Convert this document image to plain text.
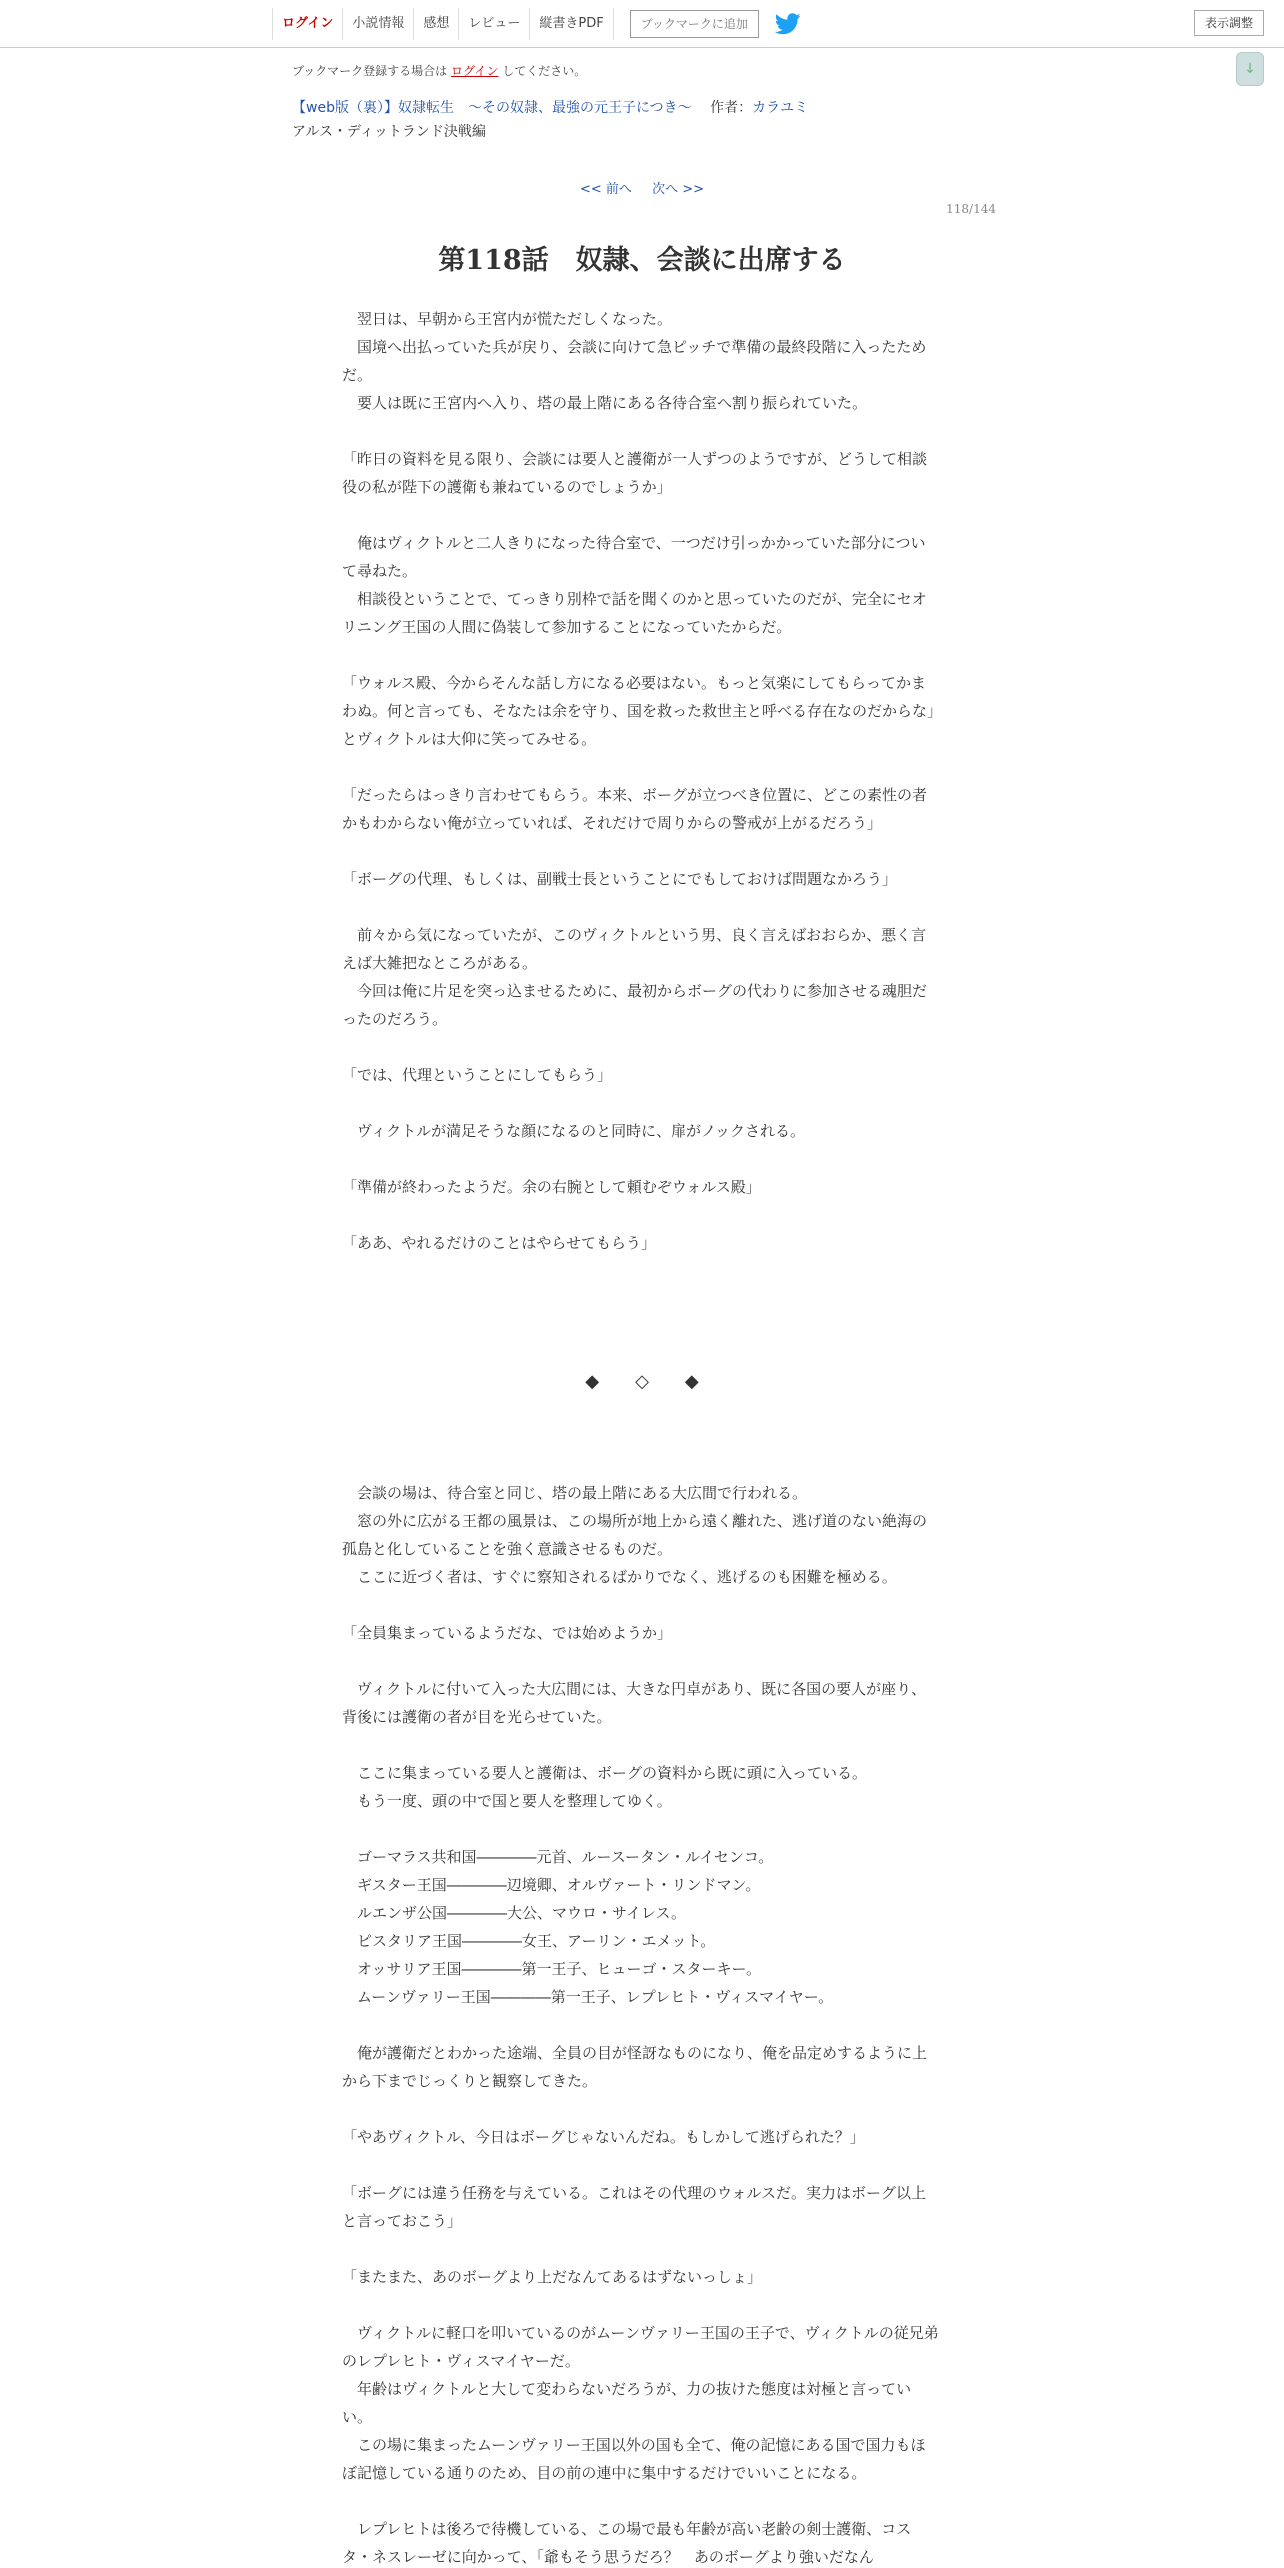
ログイン	小説情報	感想	レビュー	縦書きPDF	ブックマークに追加	表示調整
↓
ブックマーク登録する場合は ログイン してください。
【web版（裏）】奴隷転生　～その奴隷、最強の元王子につき～ 作者：カラユミ
アルス・ディットランド決戦編
<< 前へ 次へ >>
118/144
第118話　奴隷、会談に出席する

　翌日は、早朝から王宮内が慌ただしくなった。

　国境へ出払っていた兵が戻り、会談に向けて急ピッチで準備の最終段階に入ったためだ。

　要人は既に王宮内へ入り、塔の最上階にある各待合室へ割り振られていた。

「昨日の資料を見る限り、会談には要人と護衛が一人ずつのようですが、どうして相談役の私が陛下の護衛も兼ねているのでしょうか」

　俺はヴィクトルと二人きりになった待合室で、一つだけ引っかかっていた部分について尋ねた。

　相談役ということで、てっきり別枠で話を聞くのかと思っていたのだが、完全にセオリニング王国の人間に偽装して参加することになっていたからだ。

「ウォルス殿、今からそんな話し方になる必要はない。もっと気楽にしてもらってかまわぬ。何と言っても、そなたは余を守り、国を救った救世主と呼べる存在なのだからな」とヴィクトルは大仰に笑ってみせる。

「だったらはっきり言わせてもらう。本来、ボーグが立つべき位置に、どこの素性の者かもわからない俺が立っていれば、それだけで周りからの警戒が上がるだろう」

「ボーグの代理、もしくは、副戦士長ということにでもしておけば問題なかろう」

　前々から気になっていたが、このヴィクトルという男、良く言えばおおらか、悪く言えば大雑把なところがある。

　今回は俺に片足を突っ込ませるために、最初からボーグの代わりに参加させる魂胆だったのだろう。

「では、代理ということにしてもらう」

　ヴィクトルが満足そうな顔になるのと同時に、扉がノックされる。

「準備が終わったようだ。余の右腕として頼むぞウォルス殿」

「ああ、やれるだけのことはやらせてもらう」

◆　　◇　　◆

　会談の場は、待合室と同じ、塔の最上階にある大広間で行われる。

　窓の外に広がる王都の風景は、この場所が地上から遠く離れた、逃げ道のない絶海の孤島と化していることを強く意識させるものだ。

　ここに近づく者は、すぐに察知されるばかりでなく、逃げるのも困難を極める。

「全員集まっているようだな、では始めようか」

　ヴィクトルに付いて入った大広間には、大きな円卓があり、既に各国の要人が座り、背後には護衛の者が目を光らせていた。

　ここに集まっている要人と護衛は、ボーグの資料から既に頭に入っている。

　もう一度、頭の中で国と要人を整理してゆく。

　ゴーマラス共和国――――元首、ルースータン・ルイセンコ。

　ギスター王国――――辺境卿、オルヴァート・リンドマン。

　ルエンザ公国――――大公、マウロ・サイレス。

　ピスタリア王国――――女王、アーリン・エメット。

　オッサリア王国――――第一王子、ヒューゴ・スターキー。

　ムーンヴァリー王国――――第一王子、レプレヒト・ヴィスマイヤー。

　俺が護衛だとわかった途端、全員の目が怪訝なものになり、俺を品定めするように上から下までじっくりと観察してきた。

「やあヴィクトル、今日はボーグじゃないんだね。もしかして逃げられた？」

「ボーグには違う任務を与えている。これはその代理のウォルスだ。実力はボーグ以上と言っておこう」

「またまた、あのボーグより上だなんてあるはずないっしょ」

　ヴィクトルに軽口を叩いているのがムーンヴァリー王国の王子で、ヴィクトルの従兄弟のレプレヒト・ヴィスマイヤーだ。

　年齢はヴィクトルと大して変わらないだろうが、力の抜けた態度は対極と言っていい。

　この場に集まったムーンヴァリー王国以外の国も全て、俺の記憶にある国で国力もほぼ記憶している通りのため、目の前の連中に集中するだけでいいことになる。

　レプレヒトは後ろで待機している、この場で最も年齢が高い老齢の剣士護衛、コスタ・ネスレーゼに向かって、「爺もそう思うだろ？　あのボーグより強いだなん
